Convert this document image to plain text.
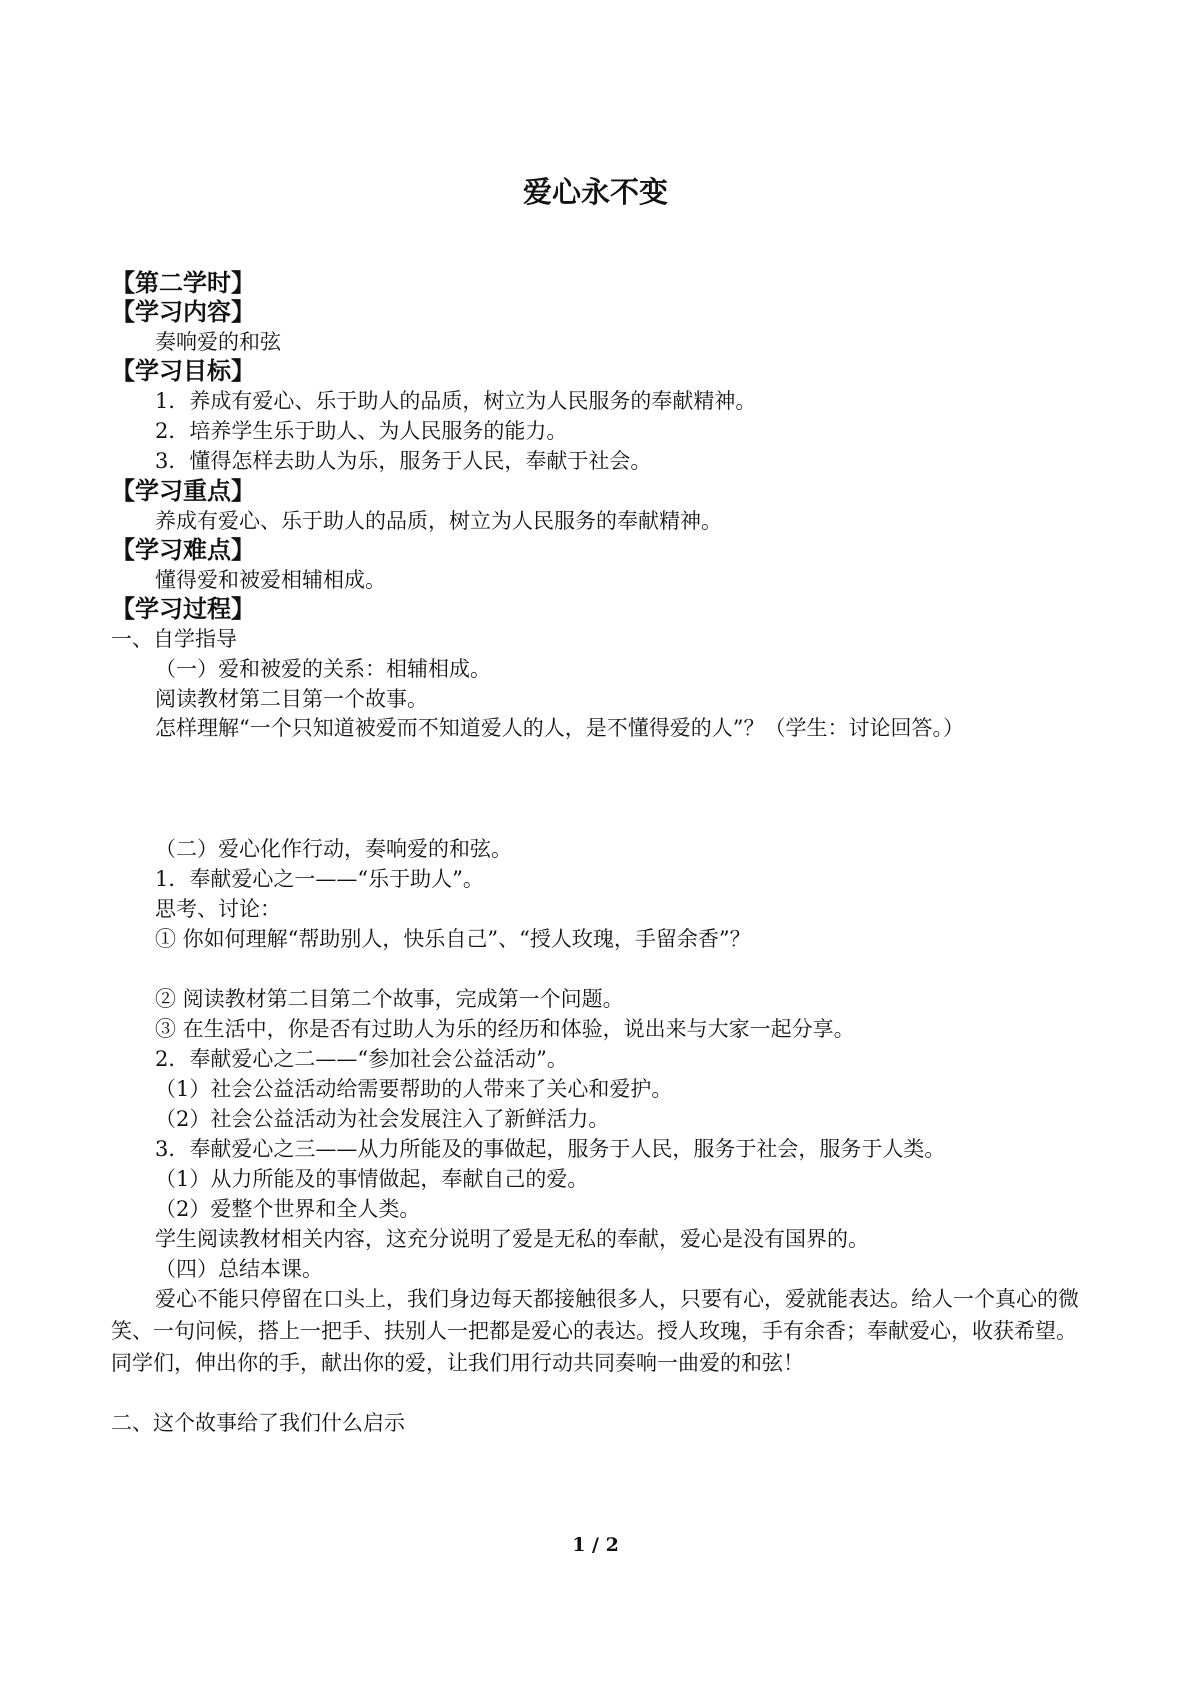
爱心永不变
【第二学时】
【学习内容】
奏响爱的和弦
【学习目标】
1．养成有爱心、乐于助人的品质，树立为人民服务的奉献精神。
2．培养学生乐于助人、为人民服务的能力。
3．懂得怎样去助人为乐，服务于人民，奉献于社会。
【学习重点】
养成有爱心、乐于助人的品质，树立为人民服务的奉献精神。
【学习难点】
懂得爱和被爱相辅相成。
【学习过程】
一、自学指导
（一）爱和被爱的关系：相辅相成。
阅读教材第二目第一个故事。
怎样理解“一个只知道被爱而不知道爱人的人，是不懂得爱的人”？（学生：讨论回答。）
（二）爱心化作行动，奏响爱的和弦。
1．奉献爱心之一——“乐于助人”。
思考、讨论：
① 你如何理解“帮助别人，快乐自己”、“授人玫瑰，手留余香”？
② 阅读教材第二目第二个故事，完成第一个问题。
③ 在生活中，你是否有过助人为乐的经历和体验，说出来与大家一起分享。
2．奉献爱心之二——“参加社会公益活动”。
（1）社会公益活动给需要帮助的人带来了关心和爱护。
（2）社会公益活动为社会发展注入了新鲜活力。
3．奉献爱心之三——从力所能及的事做起，服务于人民，服务于社会，服务于人类。
（1）从力所能及的事情做起，奉献自己的爱。
（2）爱整个世界和全人类。
学生阅读教材相关内容，这充分说明了爱是无私的奉献，爱心是没有国界的。
（四）总结本课。
爱心不能只停留在口头上，我们身边每天都接触很多人，只要有心，爱就能表达。给人一个真心的微笑、一句问候，搭上一把手、扶别人一把都是爱心的表达。授人玫瑰，手有余香；奉献爱心，收获希望。同学们，伸出你的手，献出你的爱，让我们用行动共同奏响一曲爱的和弦！
二、这个故事给了我们什么启示
1 / 2
